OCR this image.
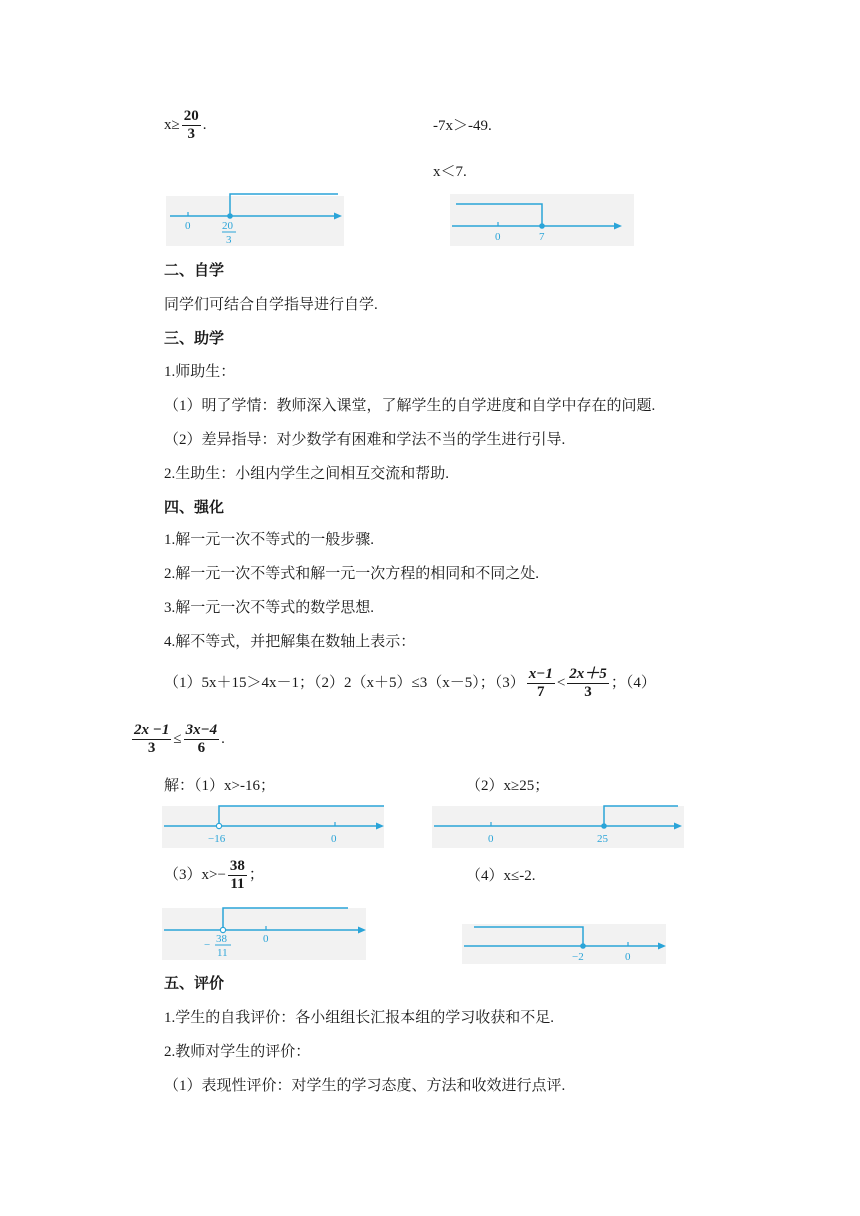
$x\ge \frac{20}{3}$ .	-7x＞-49.
x＜7.
0	20
3	0	7
二、自学
同学们可结合自学指导进行自学.
三、助学
1.师助生：
（1）明了学情：教师深入课堂，了解学生的自学进度和自学中存在的问题.
（2）差异指导：对少数学有困难和学法不当的学生进行引导.
2.生助生：小组内学生之间相互交流和帮助.
四、强化
1.解一元一次不等式的一般步骤.
2.解一元一次不等式和解一元一次方程的相同和不同之处.
3.解一元一次不等式的数学思想.
4.解不等式，并把解集在数轴上表示：
（1）5x＋15＞4x－1；（2）2（x＋5）≤3（x－5）；$(3) \frac{x-1}{7} < \frac{2x+5}{3}$ ；（4）
$\frac{2x -1}{3} \le \frac{3x-4}{6}$ .
解：（1）x>-16；	（2）x≥25；
−16	0	0	25
$(3)x>- \frac{38}{11}$ ；	（4）x≤-2.
− 38
11
0
−2	0
五、评价
1.学生的自我评价：各小组组长汇报本组的学习收获和不足.
2.教师对学生的评价：
（1）表现性评价：对学生的学习态度、方法和收效进行点评.
